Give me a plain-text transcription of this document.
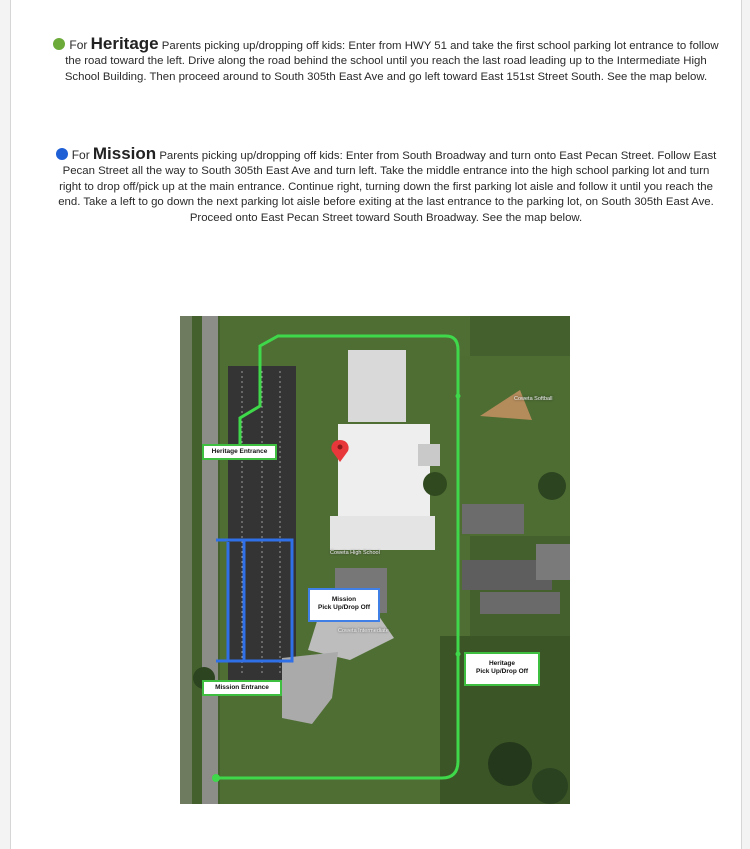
For Heritage Parents picking up/dropping off kids: Enter from HWY 51 and take the first school parking lot entrance to follow the road toward the left. Drive along the road behind the school until you reach the last road leading up to the Intermediate High School Building. Then proceed around to South 305th East Ave and go left toward East 151st Street South. See the map below.

For Mission Parents picking up/dropping off kids: Enter from South Broadway and turn onto East Pecan Street. Follow East Pecan Street all the way to South 305th East Ave and turn left. Take the middle entrance into the high school parking lot and turn right to drop off/pick up at the main entrance. Continue right, turning down the first parking lot aisle and follow it until you reach the end. Take a left to go down the next parking lot aisle before exiting at the last entrance to the parking lot, on South 305th East Ave. Proceed onto East Pecan Street toward South Broadway. See the map below.

Heritage Entrance
Mission Entrance
Mission
Pick Up/Drop Off
Heritage
Pick Up/Drop Off
Coweta High School
Coweta Intermediate
Coweta Softball
